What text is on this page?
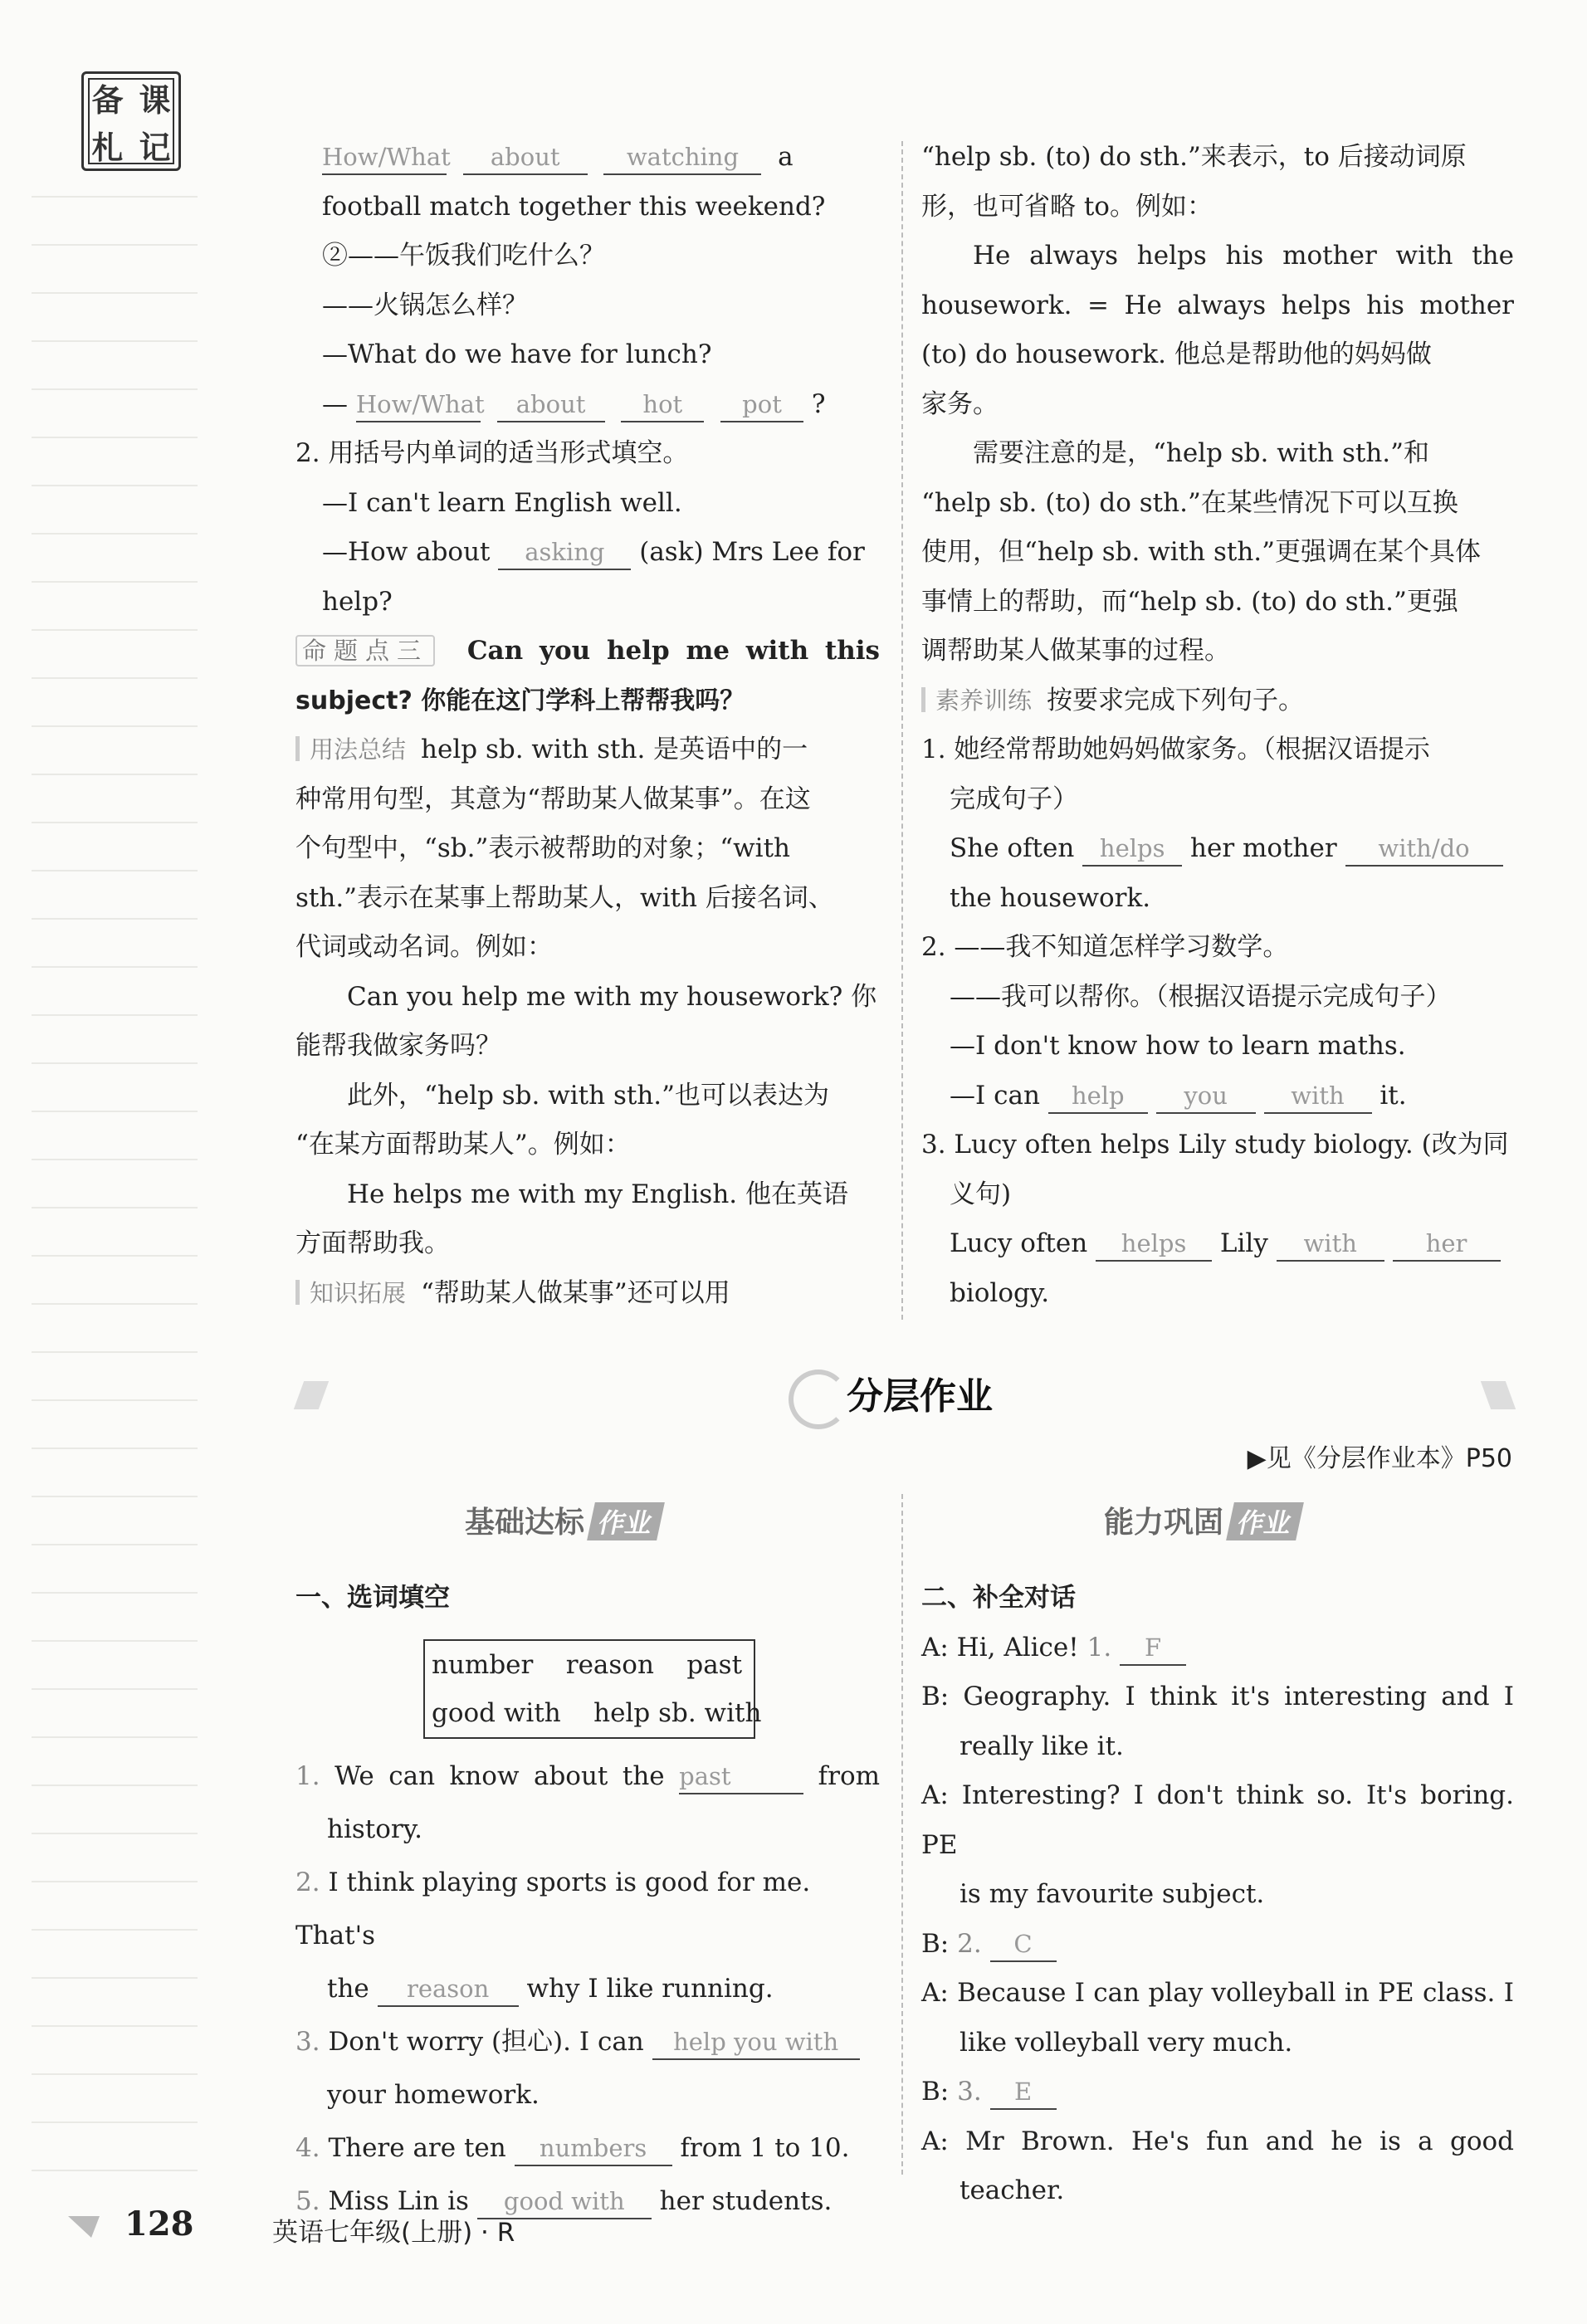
备 课
札 记	How/What about	watching a

football match together this weekend?

②——午饭我们吃什么？

——火锅怎么样？

—What do we have for lunch?

— How/What about hot pot ?

2. 用括号内单词的适当形式填空。

—I can't learn English well.

—How about asking (ask) Mrs Lee for

help?

命题点三 Can you help me with this

subject? 你能在这门学科上帮帮我吗？

用法总结 help sb. with sth. 是英语中的一

种常用句型，其意为“帮助某人做某事”。在这

个句型中，“sb.”表示被帮助的对象；“with

sth.”表示在某事上帮助某人，with 后接名词、

代词或动名词。例如：

Can you help me with my housework? 你

能帮我做家务吗？

此外，“help sb. with sth.”也可以表达为

“在某方面帮助某人”。例如：

He helps me with my English. 他在英语

方面帮助我。

知识拓展 “帮助某人做某事”还可以用

“help sb. (to) do sth.”来表示，to 后接动词原

形，也可省略 to。例如：

He always helps his mother with the

housework. = He always helps his mother

(to) do housework. 他总是帮助他的妈妈做

家务。

需要注意的是，“help sb. with sth.”和

“help sb. (to) do sth.”在某些情况下可以互换

使用，但“help sb. with sth.”更强调在某个具体

事情上的帮助，而“help sb. (to) do sth.”更强

调帮助某人做某事的过程。

素养训练 按要求完成下列句子。

1. 她经常帮助她妈妈做家务。（根据汉语提示

完成句子）

She often helps her mother with/do

the housework.

2. ——我不知道怎样学习数学。

——我可以帮你。（根据汉语提示完成句子）

—I don't know how to learn maths.

—I can help you	with it.

3. Lucy often helps Lily study biology. (改为同

义句)

Lucy often helps Lily with	her

biology.

分层作业
▶见《分层作业本》P50
基础达标 作业

一、选词填空

number    reason    past
good with    help sb. with

1. We can know about the past	from

history.

2. I think playing sports is good for me. That's

the reason why I like running.

3. Don't worry (担心). I can help you with

your homework.

4. There are ten numbers from 1 to 10.

5. Miss Lin is good with her students.

能力巩固 作业

二、补全对话

A: Hi, Alice! 1. F

B: Geography. I think it's interesting and I

really like it.

A: Interesting? I don't think so. It's boring. PE

is my favourite subject.

B: 2. C

A: Because I can play volleyball in PE class. I

like volleyball very much.

B: 3. E

A: Mr Brown. He's fun and he is a good

teacher.

128	英语七年级(上册) · R
